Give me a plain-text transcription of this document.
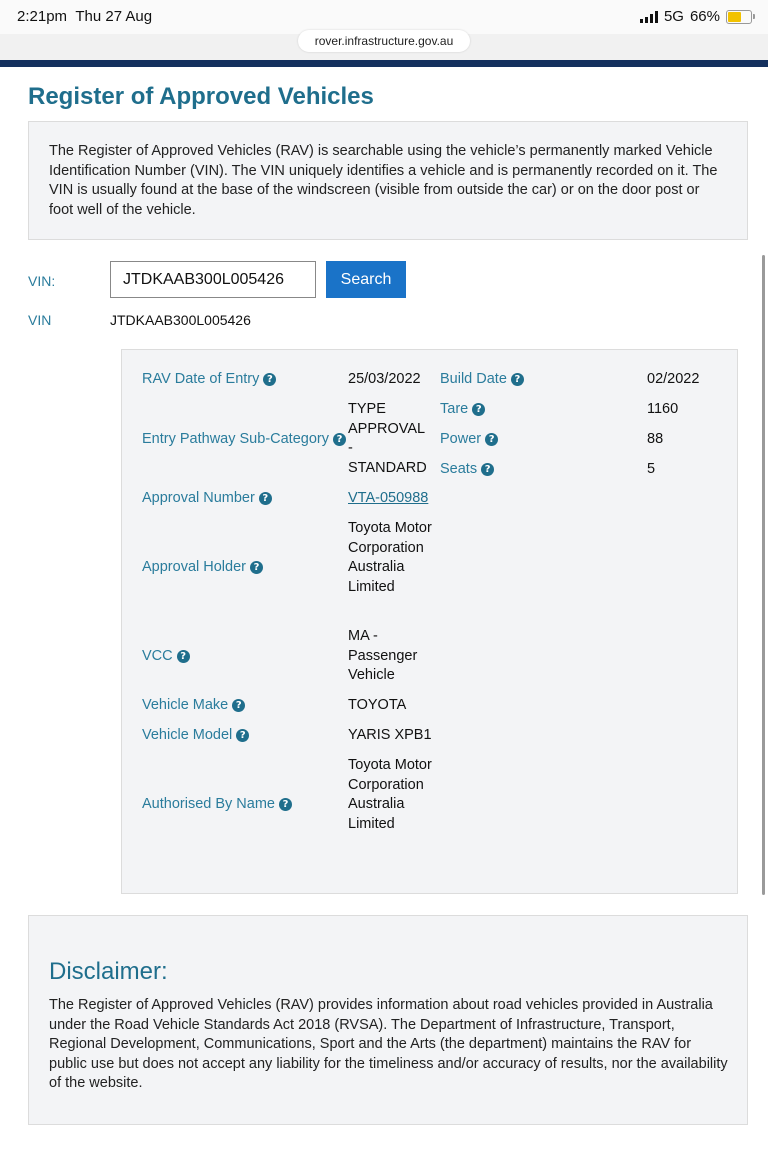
2:21pm Thu 27 Aug	5G 66%
rover.infrastructure.gov.au
Register of Approved Vehicles
The Register of Approved Vehicles (RAV) is searchable using the vehicle’s permanently marked Vehicle Identification Number (VIN). The VIN uniquely identifies a vehicle and is permanently recorded on it. The VIN is usually found at the base of the windscreen (visible from outside the car) or on the door post or foot well of the vehicle.
VIN:
JTDKAAB300L005426	Search
VIN	JTDKAAB300L005426
RAV Date of Entry ?	25/03/2022	Build Date ?	02/2022
Tare ?	1160
Power ?	88
Seats ?	5
Entry Pathway Sub-Category ?
TYPE APPROVAL - STANDARD
Approval Number ?	VTA-050988
Approval Holder ?
Toyota Motor Corporation Australia Limited
VCC ?
MA - Passenger Vehicle
Vehicle Make ?	TOYOTA
Vehicle Model ?	YARIS XPB1
Authorised By Name ?
Toyota Motor Corporation Australia Limited
Disclaimer:
The Register of Approved Vehicles (RAV) provides information about road vehicles provided in Australia under the Road Vehicle Standards Act 2018 (RVSA). The Department of Infrastructure, Transport, Regional Development, Communications, Sport and the Arts (the department) maintains the RAV for public use but does not accept any liability for the timeliness and/or accuracy of results, nor the availability of the website.
